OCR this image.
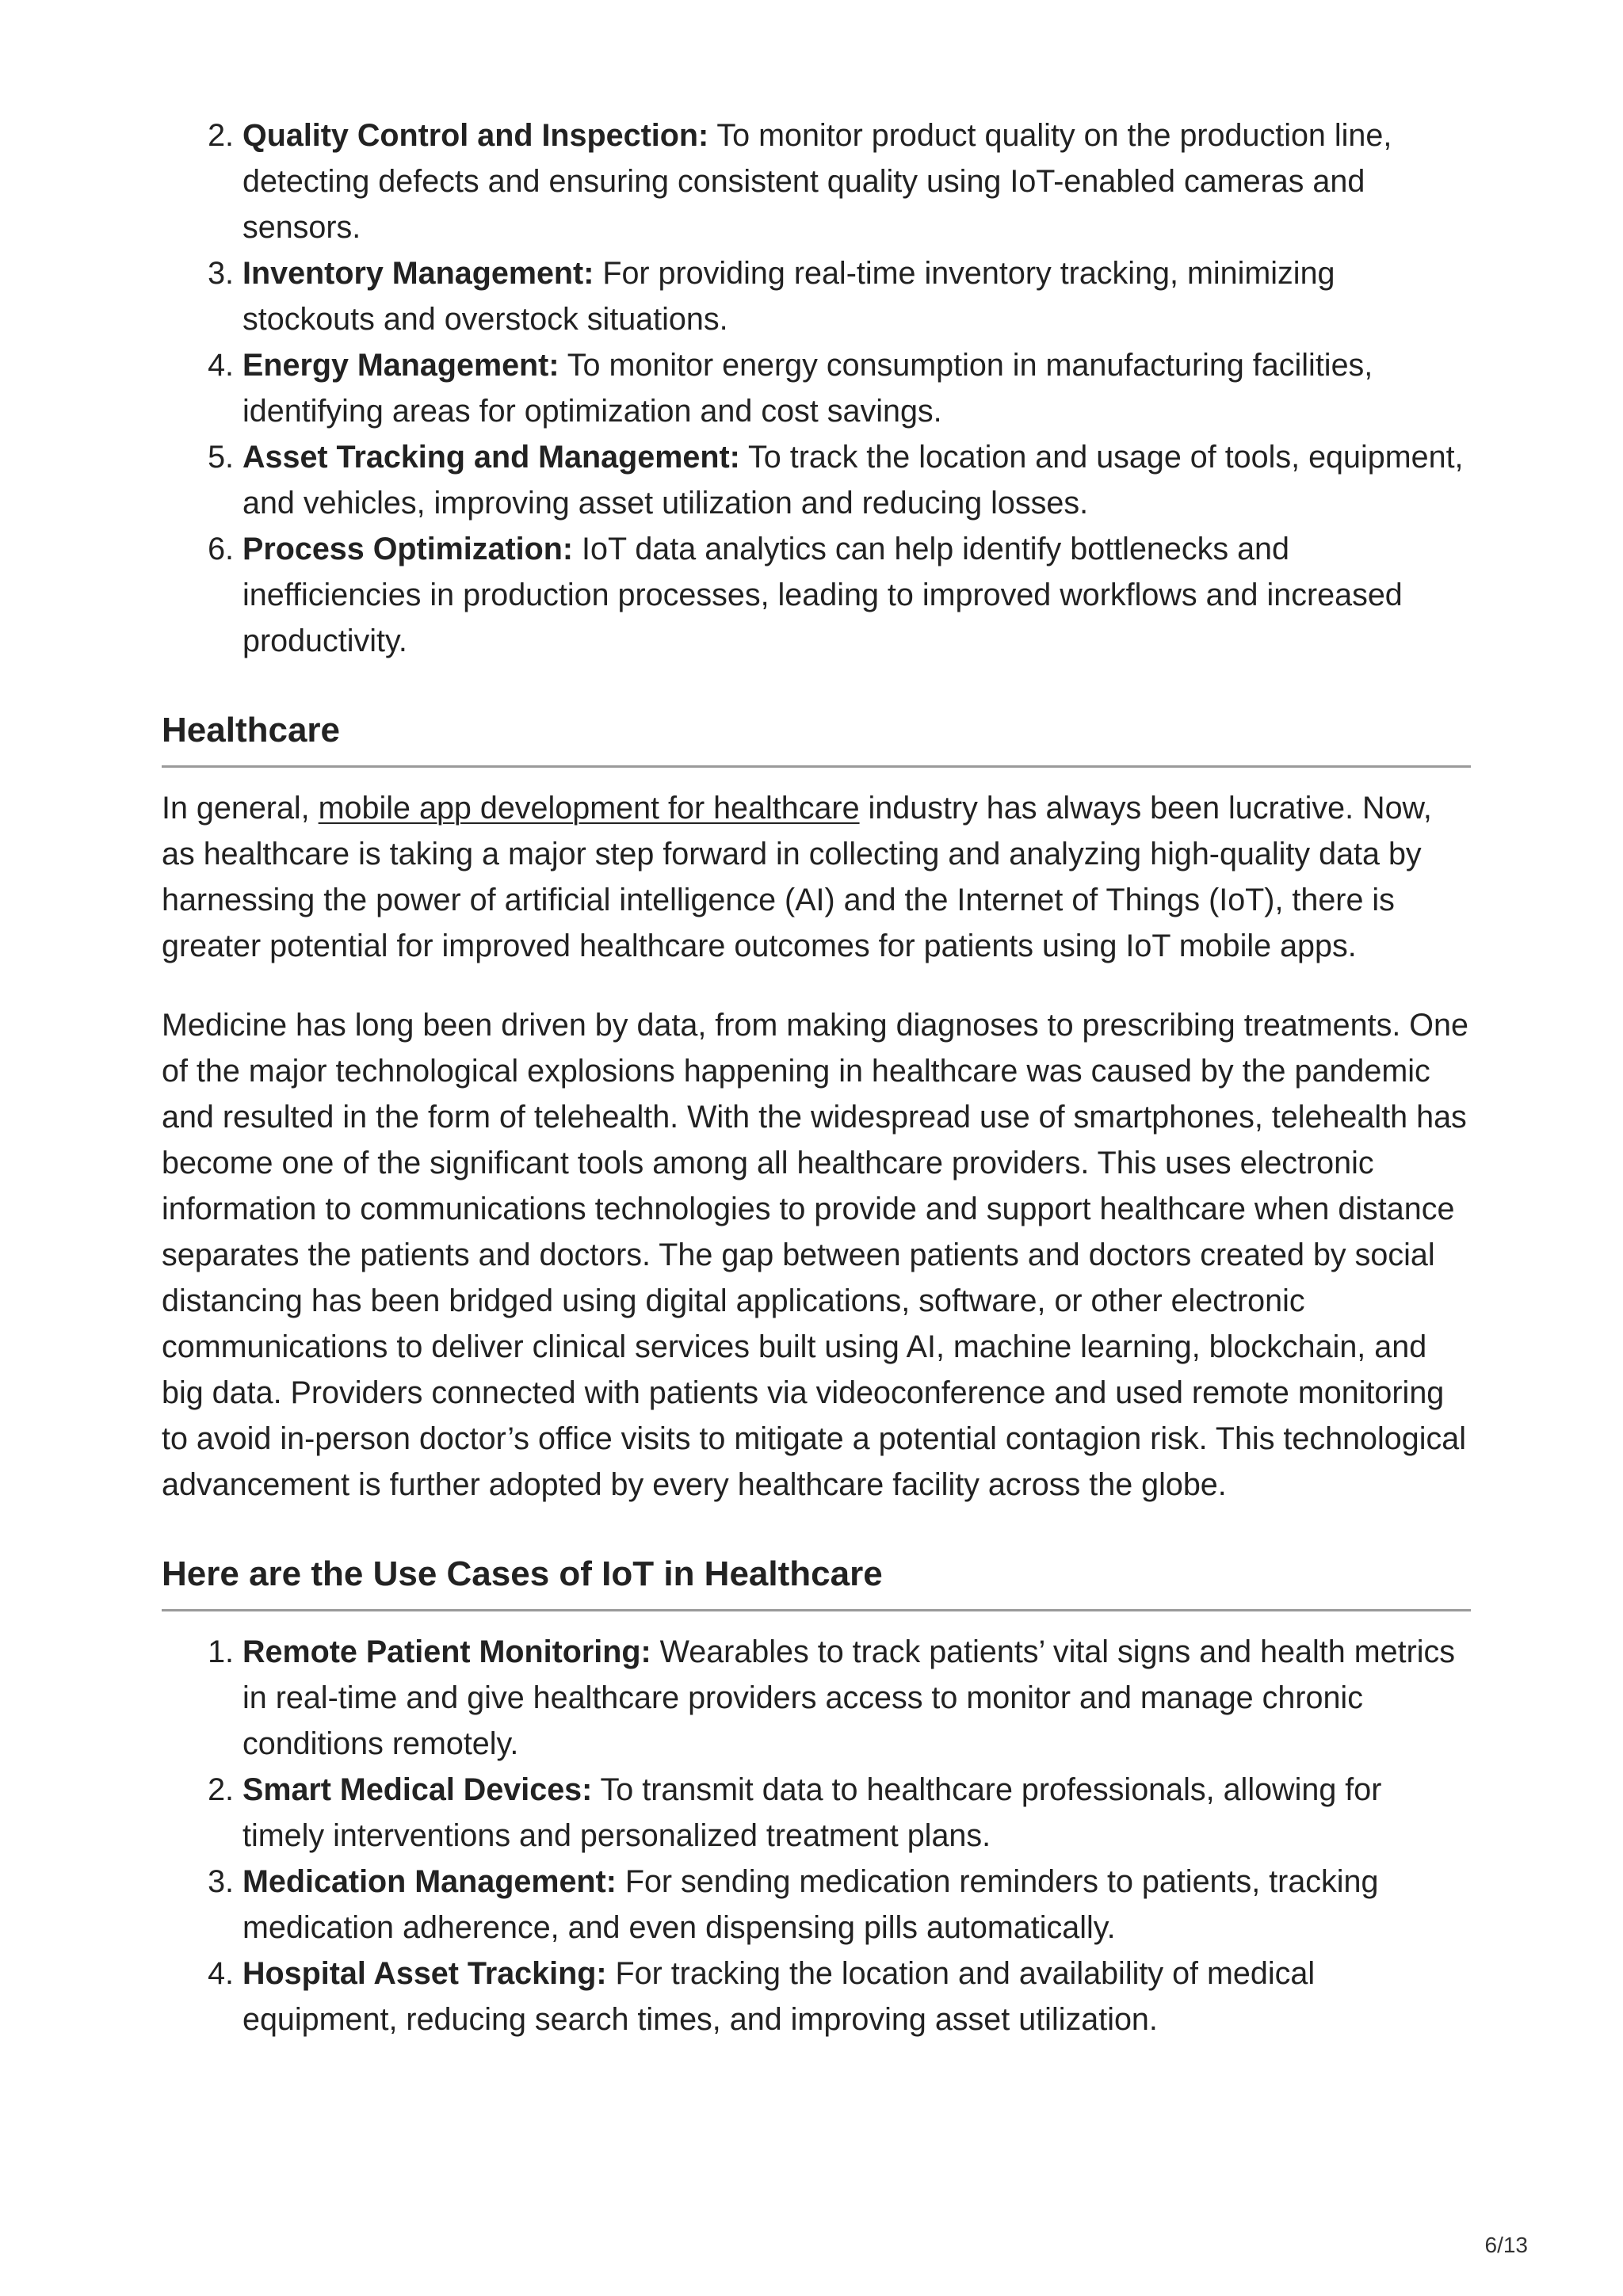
2. Quality Control and Inspection: To monitor product quality on the production line, detecting defects and ensuring consistent quality using IoT-enabled cameras and sensors.
3. Inventory Management: For providing real-time inventory tracking, minimizing stockouts and overstock situations.
4. Energy Management: To monitor energy consumption in manufacturing facilities, identifying areas for optimization and cost savings.
5. Asset Tracking and Management: To track the location and usage of tools, equipment, and vehicles, improving asset utilization and reducing losses.
6. Process Optimization: IoT data analytics can help identify bottlenecks and inefficiencies in production processes, leading to improved workflows and increased productivity.
Healthcare

In general, mobile app development for healthcare industry has always been lucrative. Now, as healthcare is taking a major step forward in collecting and analyzing high-quality data by harnessing the power of artificial intelligence (AI) and the Internet of Things (IoT), there is greater potential for improved healthcare outcomes for patients using IoT mobile apps.

Medicine has long been driven by data, from making diagnoses to prescribing treatments. One of the major technological explosions happening in healthcare was caused by the pandemic and resulted in the form of telehealth. With the widespread use of smartphones, telehealth has become one of the significant tools among all healthcare providers. This uses electronic information to communications technologies to provide and support healthcare when distance separates the patients and doctors. The gap between patients and doctors created by social distancing has been bridged using digital applications, software, or other electronic communications to deliver clinical services built using AI, machine learning, blockchain, and big data. Providers connected with patients via videoconference and used remote monitoring to avoid in-person doctor’s office visits to mitigate a potential contagion risk. This technological advancement is further adopted by every healthcare facility across the globe.

Here are the Use Cases of IoT in Healthcare
1. Remote Patient Monitoring: Wearables to track patients’ vital signs and health metrics in real-time and give healthcare providers access to monitor and manage chronic conditions remotely.
2. Smart Medical Devices: To transmit data to healthcare professionals, allowing for timely interventions and personalized treatment plans.
3. Medication Management: For sending medication reminders to patients, tracking medication adherence, and even dispensing pills automatically.
4. Hospital Asset Tracking: For tracking the location and availability of medical equipment, reducing search times, and improving asset utilization.
6/13
